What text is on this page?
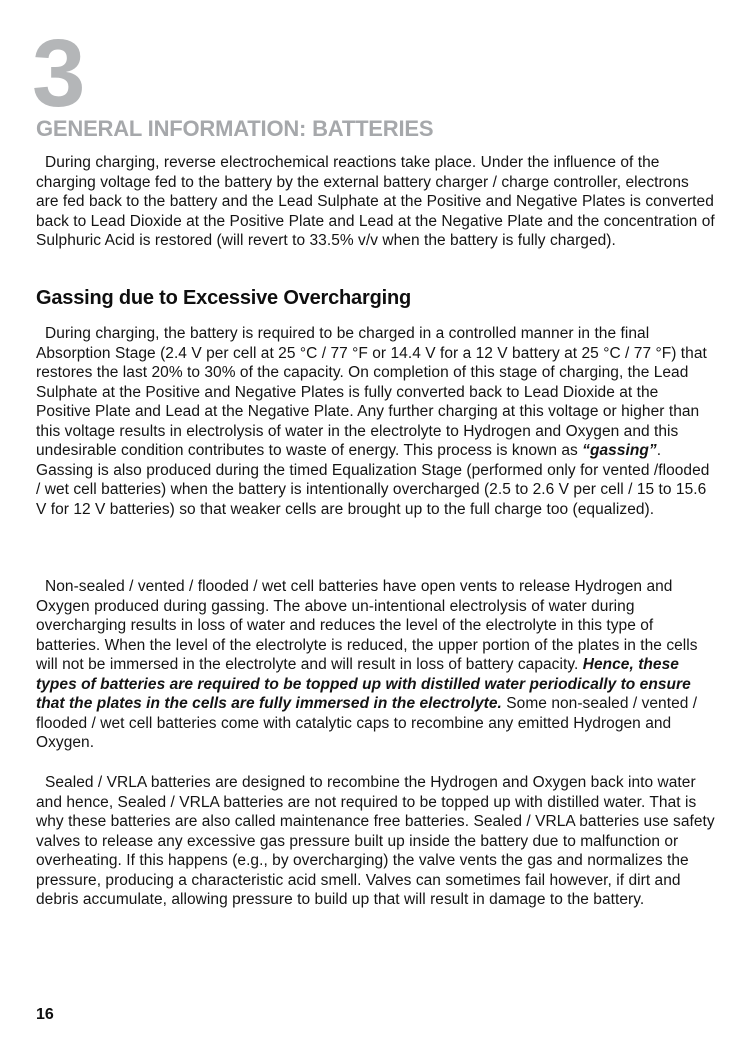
3
GENERAL INFORMATION: BATTERIES

During charging, reverse electrochemical reactions take place. Under the influence of the charging voltage fed to the battery by the external battery charger / charge controller, electrons are fed back to the battery and the Lead Sulphate at the Positive and Negative Plates is converted back to Lead Dioxide at the Positive Plate and Lead at the Negative Plate and the concentration of Sulphuric Acid is restored (will revert to 33.5% v/v when the battery is fully charged).

Gassing due to Excessive Overcharging

During charging, the battery is required to be charged in a controlled manner in the final Absorption Stage (2.4 V per cell at 25 °C / 77 °F or 14.4 V for a 12 V battery at 25 °C / 77 °F) that restores the last 20% to 30% of the capacity. On completion of this stage of charging, the Lead Sulphate at the Positive and Negative Plates is fully converted back to Lead Dioxide at the Positive Plate and Lead at the Negative Plate. Any further charging at this voltage or higher than this voltage results in electrolysis of water in the electrolyte to Hydrogen and Oxygen and this undesirable condition contributes to waste of energy. This process is known as “gassing”. Gassing is also produced during the timed Equalization Stage (performed only for vented /flooded / wet cell batteries) when the battery is intentionally overcharged (2.5 to 2.6 V per cell / 15 to 15.6 V for 12 V batteries) so that weaker cells are brought up to the full charge too (equalized).

Non-sealed / vented / flooded / wet cell batteries have open vents to release Hydrogen and Oxygen produced during gassing. The above un-intentional electrolysis of water during overcharging results in loss of water and reduces the level of the electrolyte in this type of batteries. When the level of the electrolyte is reduced, the upper portion of the plates in the cells will not be immersed in the electrolyte and will result in loss of battery capacity. Hence, these types of batteries are required to be topped up with distilled water periodically to ensure that the plates in the cells are fully immersed in the electrolyte. Some non-sealed / vented / flooded / wet cell batteries come with catalytic caps to recombine any emitted Hydrogen and Oxygen.

Sealed / VRLA batteries are designed to recombine the Hydrogen and Oxygen back into water and hence, Sealed / VRLA batteries are not required to be topped up with distilled water. That is why these batteries are also called maintenance free batteries. Sealed / VRLA batteries use safety valves to release any excessive gas pressure built up inside the battery due to malfunction or overheating. If this happens (e.g., by overcharging) the valve vents the gas and normalizes the pressure, producing a characteristic acid smell. Valves can sometimes fail however, if dirt and debris accumulate, allowing pressure to build up that will result in damage to the battery.

16
